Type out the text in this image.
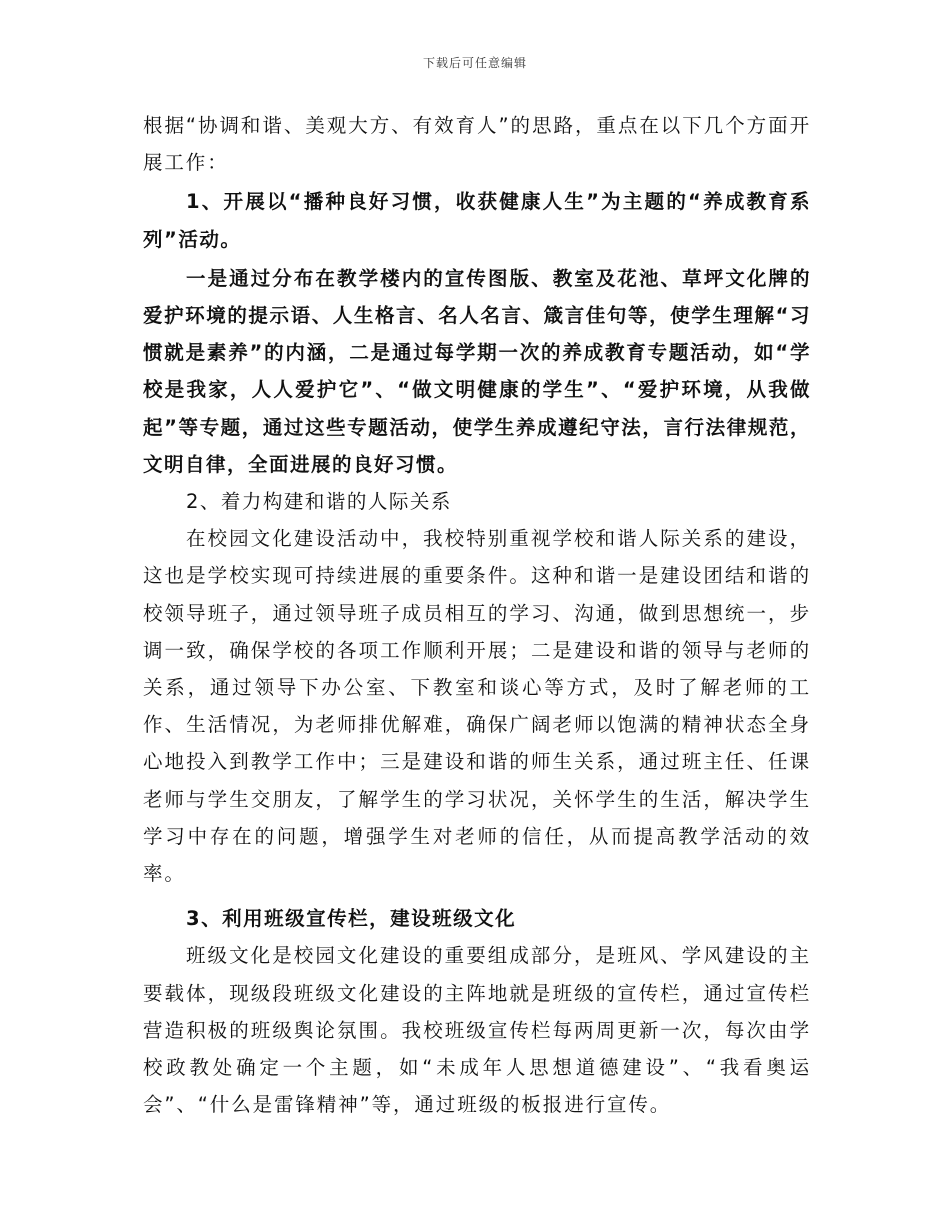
下载后可任意编辑

根据“协调和谐、美观大方、有效育人”的思路，重点在以下几个方面开展工作：

1、开展以“播种良好习惯，收获健康人生”为主题的“养成教育系列”活动。

一是通过分布在教学楼内的宣传图版、教室及花池、草坪文化牌的爱护环境的提示语、人生格言、名人名言、箴言佳句等，使学生理解“习惯就是素养”的内涵，二是通过每学期一次的养成教育专题活动，如“学校是我家，人人爱护它”、“做文明健康的学生”、“爱护环境，从我做起”等专题，通过这些专题活动，使学生养成遵纪守法，言行法律规范，文明自律，全面进展的良好习惯。

2、着力构建和谐的人际关系

在校园文化建设活动中，我校特别重视学校和谐人际关系的建设，这也是学校实现可持续进展的重要条件。这种和谐一是建设团结和谐的校领导班子，通过领导班子成员相互的学习、沟通，做到思想统一，步调一致，确保学校的各项工作顺利开展；二是建设和谐的领导与老师的关系，通过领导下办公室、下教室和谈心等方式，及时了解老师的工作、生活情况，为老师排优解难，确保广阔老师以饱满的精神状态全身心地投入到教学工作中；三是建设和谐的师生关系，通过班主任、任课老师与学生交朋友，了解学生的学习状况，关怀学生的生活，解决学生学习中存在的问题，增强学生对老师的信任，从而提高教学活动的效率。

3、利用班级宣传栏，建设班级文化

班级文化是校园文化建设的重要组成部分，是班风、学风建设的主要载体，现级段班级文化建设的主阵地就是班级的宣传栏，通过宣传栏营造积极的班级舆论氛围。我校班级宣传栏每两周更新一次，每次由学校政教处确定一个主题，如“未成年人思想道德建设”、“我看奥运会”、“什么是雷锋精神”等，通过班级的板报进行宣传。
